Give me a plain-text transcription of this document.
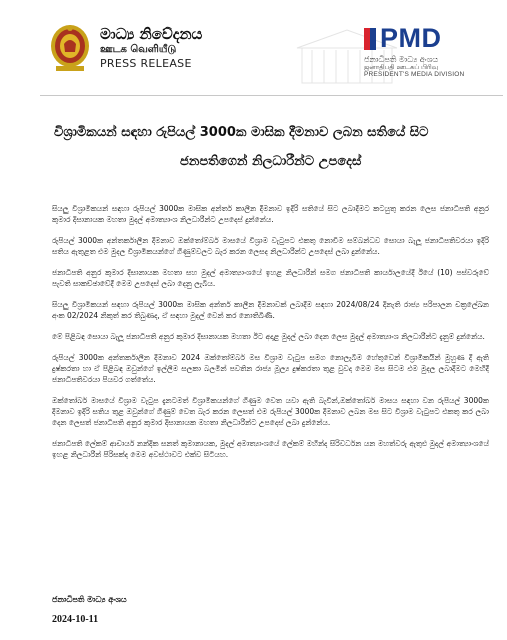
මාධ්‍ය නිවේදනය
ஊடக வெளியீடு
PRESS RELEASE
PMD
ජනාධිපති මාධ්‍ය අංශය
ஜனாதிபதி ஊடகப் பிரிவு
PRESIDENT'S MEDIA DIVISION
විශ්‍රාමිකයන් සඳහා රුපියල් 3000ක මාසික දීමනාව ලබන සතියේ සිට
ජනපතිගෙන් නිලධාරීන්ට උපදෙස්

සියලු විශ්‍රාමිකයන් සඳහා රුපියල් 3000ක මාසික අන්තර් කාලීන දීමනාව ඉදිරි සතියේ සිට ලබාදීමට කටයුතු කරන ලෙස ජනාධිපති අනුර කුමාර දිසානායක මහතා මුදල් අමාත්‍යාංශ නිලධාරීන්ට උපදෙස් දුන්නේය.

රුපියල් 3000ක අන්තර්කාලීන දීමනාව ඔක්තෝම්බර් මාසයේ විශ්‍රාම වැටුපට එකතු නොවීම සම්බන්ධව සොයා බැලූ ජනාධිපතිවරයා ඉදිරි සතිය ඇතුළත එම මුදල විශ්‍රාමිකයන්ගේ ගිණුම්වලට බැර කරන ලෙසද නිලධාරීන්ට උපදෙස් ලබා දුන්නේය.

ජනාධිපති අනුර කුමාර දිසානායක මහතා සහ මුදල් අමාත්‍යාංශයේ ඉහළ නිලධාරීන් සමග ජනාධිපති කාර්යාලයේදී ඊයේ (10) පස්වරුවේ පැවති සාකච්ඡාවේදී මෙම උපදෙස් ලබා දෙනු ලැබීය.

සියලු විශ්‍රාමිකයන් සඳහා රුපියල් 3000ක මාසික අන්තර් කාලීන දීමනාවක් ලබාදීම සඳහා 2024/08/24 දිනැති රාජ්‍ය පරිපාලන චක්‍රලේඛන අංක 02/2024 නිකුත් කර තිබුණද, ඒ සඳහා මුදල් වෙන් කර නොතිබිණි.

මේ පිළිබඳ සොයා බැලූ ජනාධිපති අනුර කුමාර දිසානායක මහතා ඊට අදාළ මුදල් ලබා දෙන ලෙස මුදල් අමාත්‍යාංශ නිලධාරීන්ට දැනුම් දුන්නේය.

රුපියල් 3000ක අන්තර්කාලීන දීමනාව 2024 ඔක්තෝම්බර් මස විශ්‍රාම වැටුප සමග නොලැබීම හේතුවෙන් විශ්‍රාමිකයින් මුහුණ දී ඇති දුෂ්කරතා හා ඒ පිළිබඳ ඔවුන්ගේ ඉල්ලීම සලකා බලමින් පවතින රාජ්‍ය මූල්‍ය දුෂ්කරතා තුළ වුවද මෙම මස සිටම එම මුදල ලබාදීමට මෙහිදී ජනාධිපතිවරයා පියවර ගත්තේය.

ඔක්තෝබර් මාසයේ විශ්‍රාම වැටුප දැනටමත් විශ්‍රාමිකයන්ගේ ගිණුම වෙත යවා ඇති බැවින්,ඔක්තෝබර් මාසය සඳහා වන රුපියල් 3000ක දීමනාව ඉදිරි සතිය තුළ ඔවුන්ගේ ගිණුම් වෙත බැර කරන ලෙසත් එම රුපියල් 3000ක දීමනාව ලබන මස සිට විශ්‍රාම වැටුපට එකතු කර ලබා දෙන ලෙසත් ජනාධිපති අනුර කුමාර දිසානායක මහතා නිලධාරීන්ට උපදෙස් ලබා දුන්නේය.

ජනාධිපති ලේකම් ආචාර්ය නන්දික සනත් කුමානායක, මුදල් අමාත්‍යාංශයේ ලේකම් මහින්ද සිරිවර්ධන යන මහත්වරු ඇතුළු මුදල් අමාත්‍යාංශයේ ඉහළ නිලධාරීන් පිරිසක්ද මෙම අවස්ථාවට එක්ව සිටියහ.

ජනාධිපති මාධ්‍ය අංශය
2024-10-11
